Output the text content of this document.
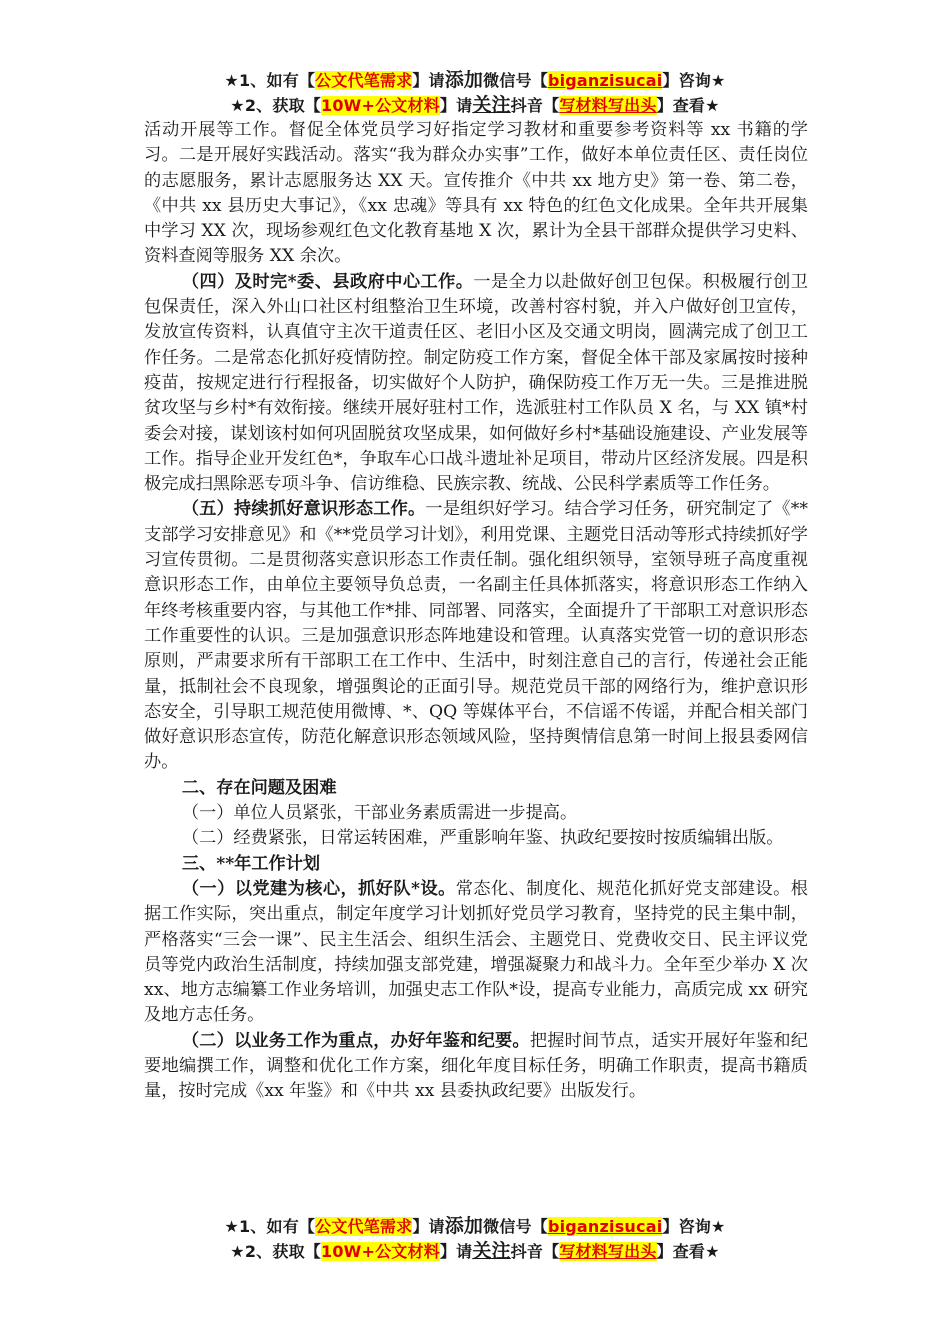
★1、如有【公文代笔需求】请添加微信号【biganzisucai】咨询★
★2、获取【10W+公文材料】请关注抖音【写材料写出头】查看★

活动开展等工作。督促全体党员学习好指定学习教材和重要参考资料等 xx 书籍的学习。二是开展好实践活动。落实“我为群众办实事”工作，做好本单位责任区、责任岗位的志愿服务，累计志愿服务达 XX 天。宣传推介《中共 xx 地方史》第一卷、第二卷，《中共 xx 县历史大事记》，《xx 忠魂》等具有 xx 特色的红色文化成果。全年共开展集中学习 XX 次，现场参观红色文化教育基地 X 次，累计为全县干部群众提供学习史料、资料查阅等服务 XX 余次。

（四）及时完*委、县政府中心工作。一是全力以赴做好创卫包保。积极履行创卫包保责任，深入外山口社区村组整治卫生环境，改善村容村貌，并入户做好创卫宣传，发放宣传资料，认真值守主次干道责任区、老旧小区及交通文明岗，圆满完成了创卫工作任务。二是常态化抓好疫情防控。制定防疫工作方案，督促全体干部及家属按时接种疫苗，按规定进行行程报备，切实做好个人防护，确保防疫工作万无一失。三是推进脱贫攻坚与乡村*有效衔接。继续开展好驻村工作，选派驻村工作队员 X 名，与 XX 镇*村委会对接，谋划该村如何巩固脱贫攻坚成果，如何做好乡村*基础设施建设、产业发展等工作。指导企业开发红色*，争取车心口战斗遗址补足项目，带动片区经济发展。四是积极完成扫黑除恶专项斗争、信访维稳、民族宗教、统战、公民科学素质等工作任务。

（五）持续抓好意识形态工作。一是组织好学习。结合学习任务，研究制定了《**支部学习安排意见》和《**党员学习计划》，利用党课、主题党日活动等形式持续抓好学习宣传贯彻。二是贯彻落实意识形态工作责任制。强化组织领导，室领导班子高度重视意识形态工作，由单位主要领导负总责，一名副主任具体抓落实，将意识形态工作纳入年终考核重要内容，与其他工作*排、同部署、同落实，全面提升了干部职工对意识形态工作重要性的认识。三是加强意识形态阵地建设和管理。认真落实党管一切的意识形态原则，严肃要求所有干部职工在工作中、生活中，时刻注意自己的言行，传递社会正能量，抵制社会不良现象，增强舆论的正面引导。规范党员干部的网络行为，维护意识形态安全，引导职工规范使用微博、*、QQ 等媒体平台，不信谣不传谣，并配合相关部门做好意识形态宣传，防范化解意识形态领域风险，坚持舆情信息第一时间上报县委网信办。

二、存在问题及困难

（一）单位人员紧张，干部业务素质需进一步提高。

（二）经费紧张，日常运转困难，严重影响年鉴、执政纪要按时按质编辑出版。

三、**年工作计划

（一）以党建为核心，抓好队*设。常态化、制度化、规范化抓好党支部建设。根据工作实际，突出重点，制定年度学习计划抓好党员学习教育，坚持党的民主集中制，严格落实“三会一课”、民主生活会、组织生活会、主题党日、党费收交日、民主评议党员等党内政治生活制度，持续加强支部党建，增强凝聚力和战斗力。全年至少举办 X 次 xx、地方志编纂工作业务培训，加强史志工作队*设，提高专业能力，高质完成 xx 研究及地方志任务。

（二）以业务工作为重点，办好年鉴和纪要。把握时间节点，适实开展好年鉴和纪要地编撰工作，调整和优化工作方案，细化年度目标任务，明确工作职责，提高书籍质量，按时完成《xx 年鉴》和《中共 xx 县委执政纪要》出版发行。

★1、如有【公文代笔需求】请添加微信号【biganzisucai】咨询★
★2、获取【10W+公文材料】请关注抖音【写材料写出头】查看★
